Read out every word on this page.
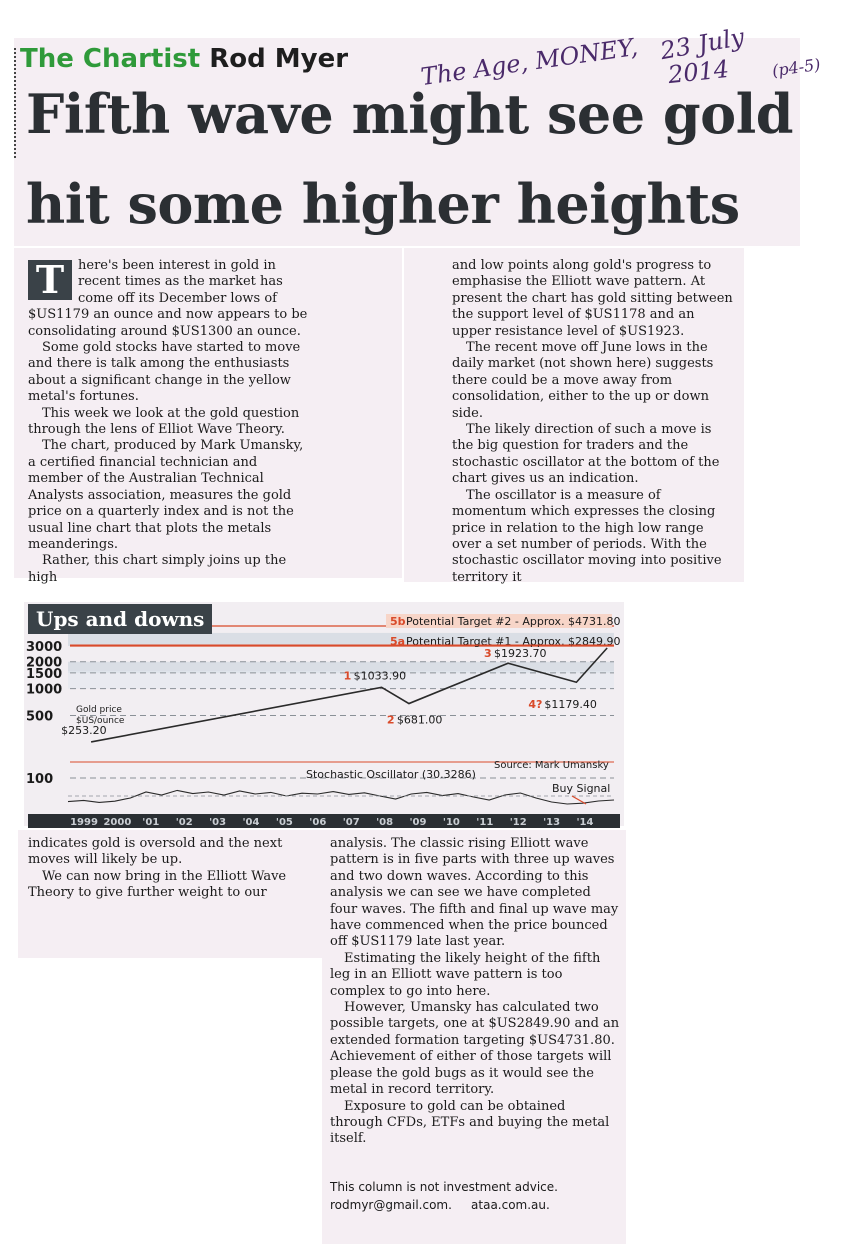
The Chartist Rod Myer	23 July
The Age, MONEY, 2014	(p4-5)
Fifth wave might see gold
hit some higher heights

T	here's been interest in gold in recent times as the market has come off its December lows of $US1179 an ounce and now appears to be consolidating around $US1300 an ounce.

Some gold stocks have started to move and there is talk among the enthusiasts about a significant change in the yellow metal's fortunes.

This week we look at the gold question through the lens of Elliot Wave Theory.

The chart, produced by Mark Umansky, a certified financial technician and member of the Australian Technical Analysts association, measures the gold price on a quarterly index and is not the usual line chart that plots the metals meanderings.

Rather, this chart simply joins up the high

and low points along gold's progress to emphasise the Elliott wave pattern. At present the chart has gold sitting between the support level of $US1178 and an upper resistance level of $US1923.

The recent move off June lows in the daily market (not shown here) suggests there could be a move away from consolidation, either to the up or down side.

The likely direction of such a move is the big question for traders and the stochastic oscillator at the bottom of the chart gives us an indication.

The oscillator is a measure of momentum which expresses the closing price in relation to the high low range over a set number of periods. With the stochastic oscillator moving into positive territory it

3000
2000
1500
1000
500
100
5b Potential Target #2 - Approx. $4731.80
5a Potential Target #1 - Approx. $2849.90
$253.20
1 $1033.90
2 $681.00
3 $1923.70
4? $1179.40
Gold price
$US/ounce
Source: Mark Umansky
Stochastic Oscillator (30.3286)
Buy Signal
1999 2000 '01 '02 '03 '04 '05 '06 '07 '08 '09 '10 '11 '12 '13 '14
Ups and downs

indicates gold is oversold and the next moves will likely be up.

We can now bring in the Elliott Wave Theory to give further weight to our

analysis. The classic rising Elliott wave pattern is in five parts with three up waves and two down waves. According to this analysis we can see we have completed four waves. The fifth and final up wave may have commenced when the price bounced off $US1179 late last year.

Estimating the likely height of the fifth leg in an Elliott wave pattern is too complex to go into here.

However, Umansky has calculated two possible targets, one at $US2849.90 and an extended formation targeting $US4731.80. Achievement of either of those targets will please the gold bugs as it would see the metal in record territory.

Exposure to gold can be obtained through CFDs, ETFs and buying the metal itself.

This column is not investment advice.
rodmyr@gmail.com. ataa.com.au.
